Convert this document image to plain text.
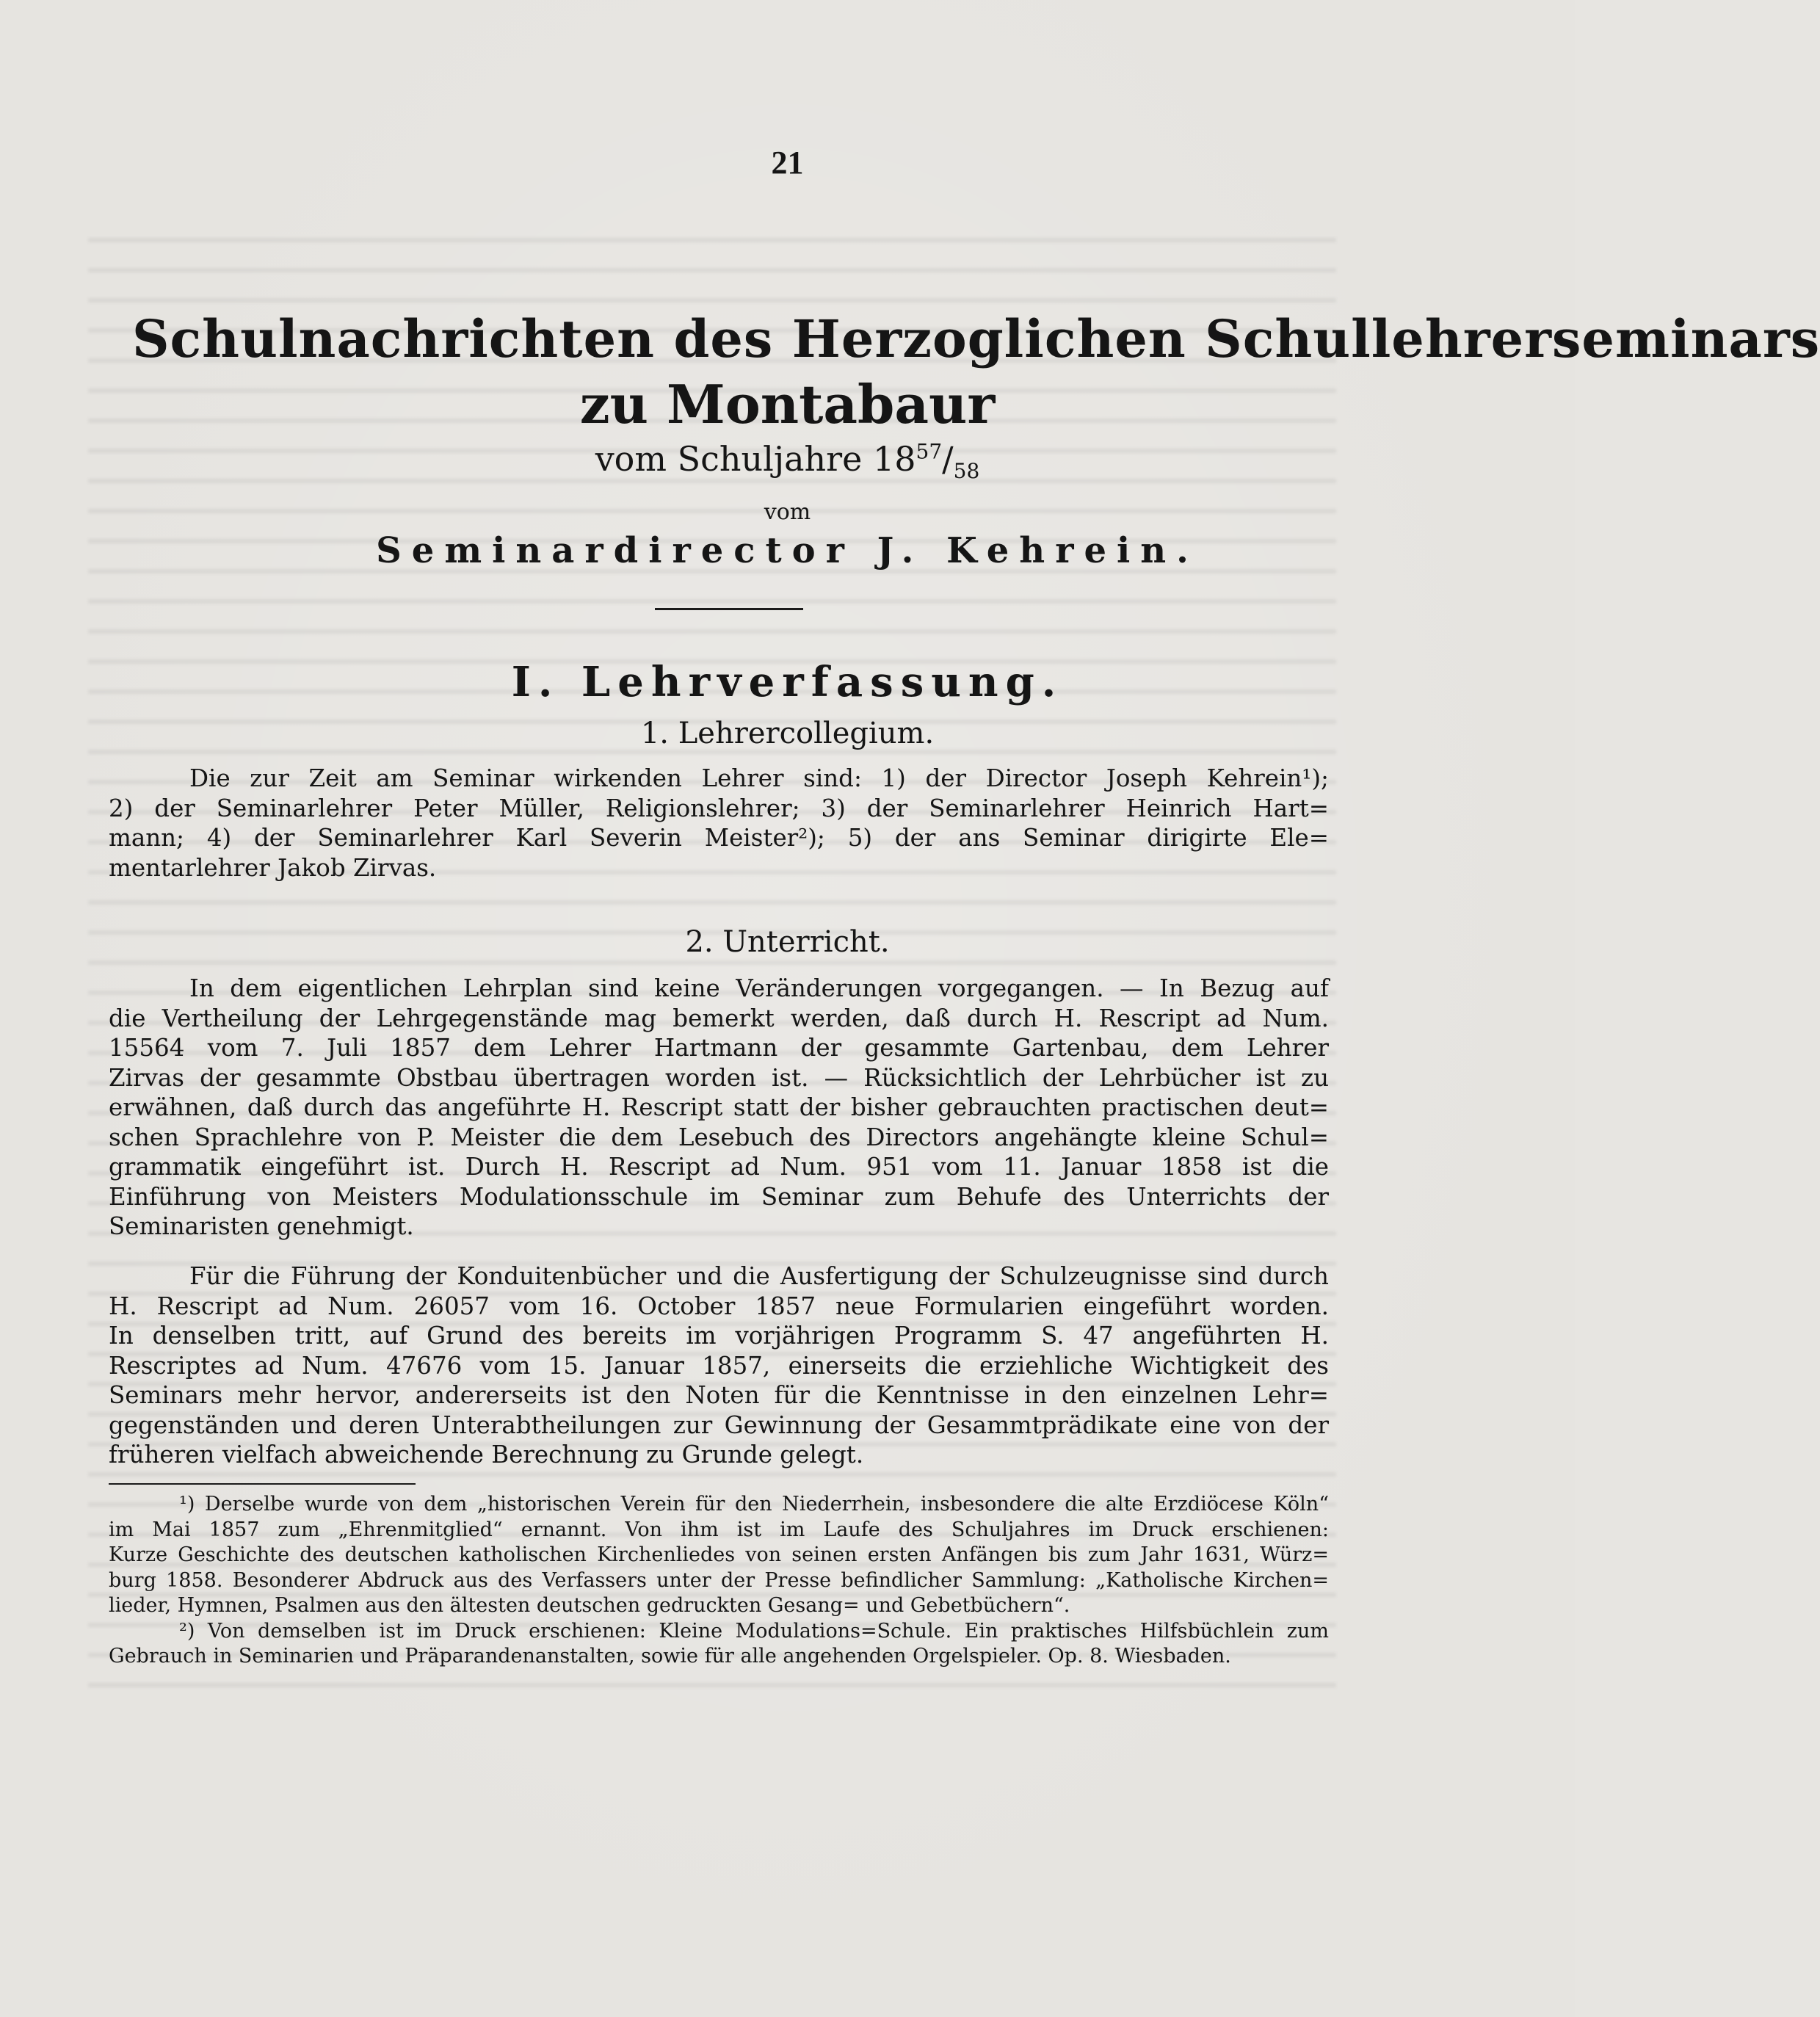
21
Schulnachrichten des Herzoglichen Schullehrerseminars
zu Montabaur
vom Schuljahre $18^{57}/_{58}$
vom
Seminardirector J. Kehrein.
I. Lehrverfassung.
1. Lehrercollegium.
Die zur Zeit am Seminar wirkenden Lehrer sind: 1) der Director Joseph Kehrein¹);
2) der Seminarlehrer Peter Müller, Religionslehrer; 3) der Seminarlehrer Heinrich Hart=
mann; 4) der Seminarlehrer Karl Severin Meister²); 5) der ans Seminar dirigirte Ele=
mentarlehrer Jakob Zirvas.
2. Unterricht.
In dem eigentlichen Lehrplan sind keine Veränderungen vorgegangen. — In Bezug auf
die Vertheilung der Lehrgegenstände mag bemerkt werden, daß durch H. Rescript ad Num.
15564 vom 7. Juli 1857 dem Lehrer Hartmann der gesammte Gartenbau, dem Lehrer
Zirvas der gesammte Obstbau übertragen worden ist. — Rücksichtlich der Lehrbücher ist zu
erwähnen, daß durch das angeführte H. Rescript statt der bisher gebrauchten practischen deut=
schen Sprachlehre von P. Meister die dem Lesebuch des Directors angehängte kleine Schul=
grammatik eingeführt ist. Durch H. Rescript ad Num. 951 vom 11. Januar 1858 ist die
Einführung von Meisters Modulationsschule im Seminar zum Behufe des Unterrichts der
Seminaristen genehmigt.
Für die Führung der Konduitenbücher und die Ausfertigung der Schulzeugnisse sind durch
H. Rescript ad Num. 26057 vom 16. October 1857 neue Formularien eingeführt worden.
In denselben tritt, auf Grund des bereits im vorjährigen Programm S. 47 angeführten H.
Rescriptes ad Num. 47676 vom 15. Januar 1857, einerseits die erziehliche Wichtigkeit des
Seminars mehr hervor, andererseits ist den Noten für die Kenntnisse in den einzelnen Lehr=
gegenständen und deren Unterabtheilungen zur Gewinnung der Gesammtprädikate eine von der
früheren vielfach abweichende Berechnung zu Grunde gelegt.
¹) Derselbe wurde von dem „historischen Verein für den Niederrhein, insbesondere die alte Erzdiöcese Köln“
im Mai 1857 zum „Ehrenmitglied“ ernannt. Von ihm ist im Laufe des Schuljahres im Druck erschienen:
Kurze Geschichte des deutschen katholischen Kirchenliedes von seinen ersten Anfängen bis zum Jahr 1631, Würz=
burg 1858. Besonderer Abdruck aus des Verfassers unter der Presse befindlicher Sammlung: „Katholische Kirchen=
lieder, Hymnen, Psalmen aus den ältesten deutschen gedruckten Gesang= und Gebetbüchern“.
²) Von demselben ist im Druck erschienen: Kleine Modulations=Schule. Ein praktisches Hilfsbüchlein zum
Gebrauch in Seminarien und Präparandenanstalten, sowie für alle angehenden Orgelspieler. Op. 8. Wiesbaden.
